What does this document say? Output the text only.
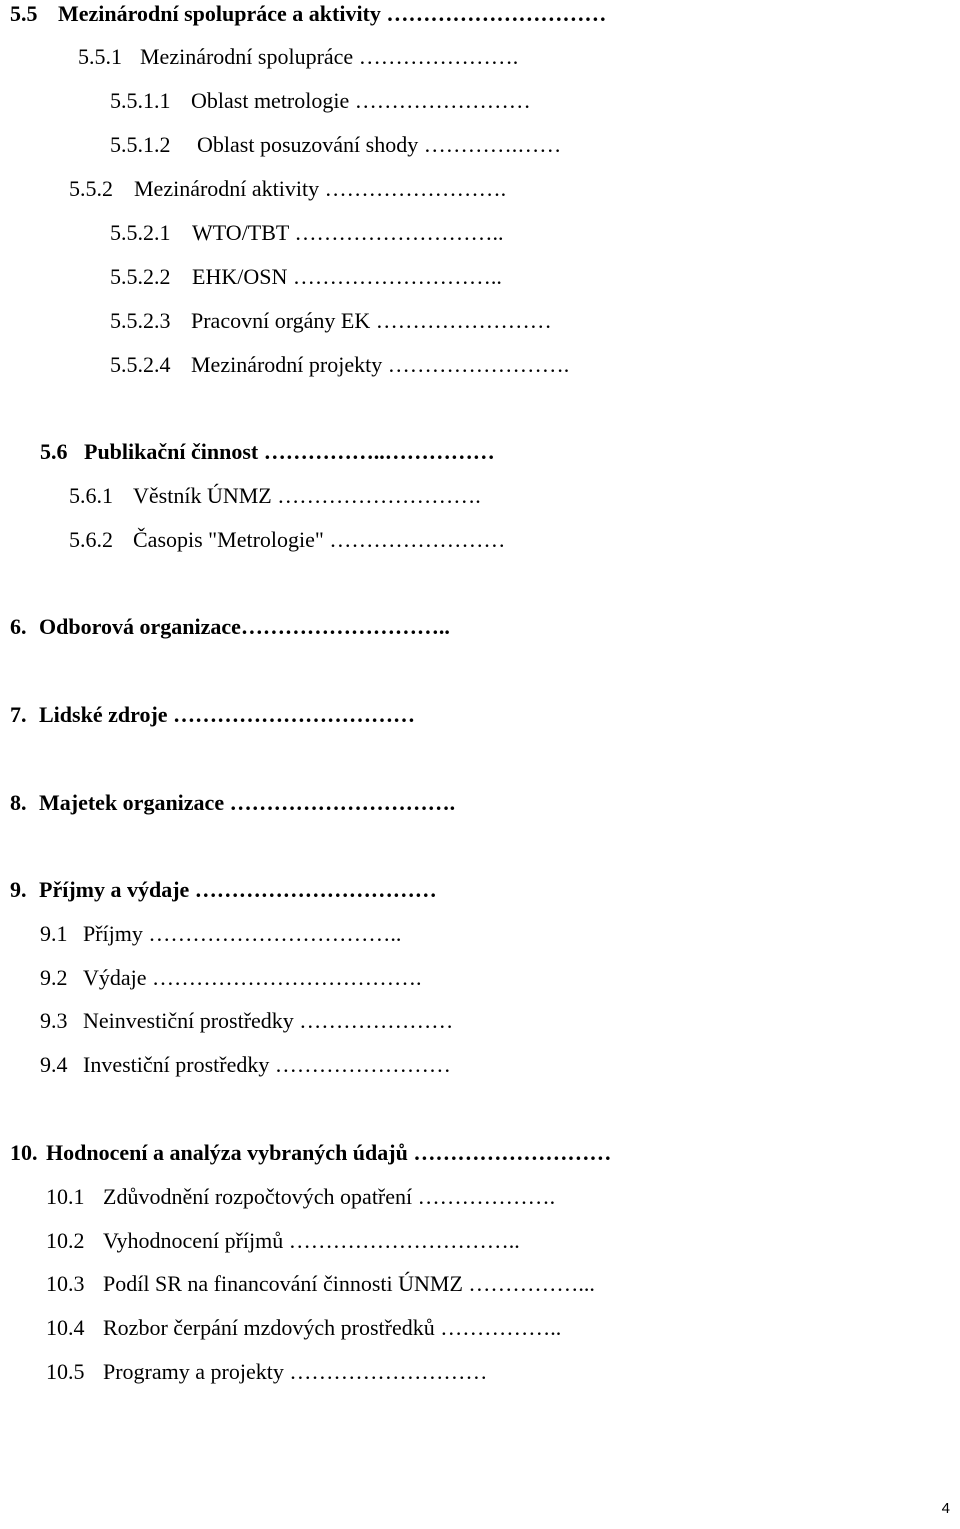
5.5 Mezinárodní spolupráce a aktivity …………………………
5.5.1 Mezinárodní spolupráce ………………….
5.5.1.1 Oblast metrologie ……………………
5.5.1.2 Oblast posuzování shody ………….……
5.5.2 Mezinárodní aktivity …………………….
5.5.2.1 WTO/TBT ………………………..
5.5.2.2 EHK/OSN ………………………..
5.5.2.3 Pracovní orgány EK ……………………
5.5.2.4 Mezinárodní projekty …………………….
5.6 Publikační činnost ……………..……………
5.6.1 Věstník ÚNMZ ……………………….
5.6.2 Časopis "Metrologie" ……………………
6. Odborová organizace………………………..
7. Lidské zdroje ……………………………
8. Majetek organizace ………………………….
9. Příjmy a výdaje ……………………………
9.1 Příjmy ……………………………..
9.2 Výdaje ……………………………….
9.3 Neinvestiční prostředky …………………
9.4 Investiční prostředky ……………………
10. Hodnocení a analýza vybraných údajů ………………………
10.1 Zdůvodnění rozpočtových opatření ……………….
10.2 Vyhodnocení příjmů …………………………..
10.3 Podíl SR na financování činnosti ÚNMZ ……………...
10.4 Rozbor čerpání mzdových prostředků ……………..
10.5 Programy a projekty ………………………
4
